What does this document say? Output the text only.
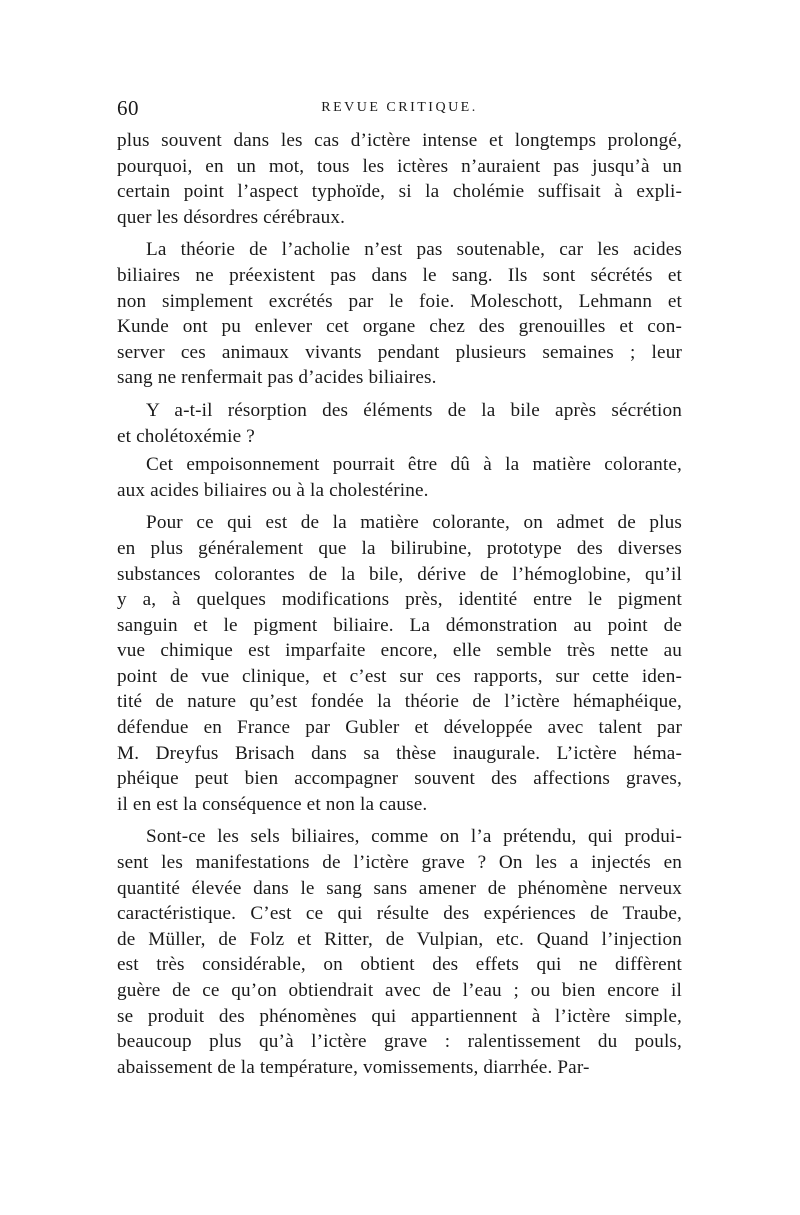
60	REVUE CRITIQUE.
plus souvent dans les cas d’ictère intense et longtemps prolongé,
pourquoi, en un mot, tous les ictères n’auraient pas jusqu’à un
certain point l’aspect typhoïde, si la cholémie suffisait à expli-
quer les désordres cérébraux.
La théorie de l’acholie n’est pas soutenable, car les acides
biliaires ne préexistent pas dans le sang. Ils sont sécrétés et
non simplement excrétés par le foie. Moleschott, Lehmann et
Kunde ont pu enlever cet organe chez des grenouilles et con-
server ces animaux vivants pendant plusieurs semaines ; leur
sang ne renfermait pas d’acides biliaires.
Y a-t-il résorption des éléments de la bile après sécrétion
et cholétoxémie ?
Cet empoisonnement pourrait être dû à la matière colorante,
aux acides biliaires ou à la cholestérine.
Pour ce qui est de la matière colorante, on admet de plus
en plus généralement que la bilirubine, prototype des diverses
substances colorantes de la bile, dérive de l’hémoglobine, qu’il
y a, à quelques modifications près, identité entre le pigment
sanguin et le pigment biliaire. La démonstration au point de
vue chimique est imparfaite encore, elle semble très nette au
point de vue clinique, et c’est sur ces rapports, sur cette iden-
tité de nature qu’est fondée la théorie de l’ictère hémaphéique,
défendue en France par Gubler et développée avec talent par
M. Dreyfus Brisach dans sa thèse inaugurale. L’ictère héma-
phéique peut bien accompagner souvent des affections graves,
il en est la conséquence et non la cause.
Sont-ce les sels biliaires, comme on l’a prétendu, qui produi-
sent les manifestations de l’ictère grave ? On les a injectés en
quantité élevée dans le sang sans amener de phénomène nerveux
caractéristique. C’est ce qui résulte des expériences de Traube,
de Müller, de Folz et Ritter, de Vulpian, etc. Quand l’injection
est très considérable, on obtient des effets qui ne diffèrent
guère de ce qu’on obtiendrait avec de l’eau ; ou bien encore il
se produit des phénomènes qui appartiennent à l’ictère simple,
beaucoup plus qu’à l’ictère grave : ralentissement du pouls,
abaissement de la température, vomissements, diarrhée. Par-
